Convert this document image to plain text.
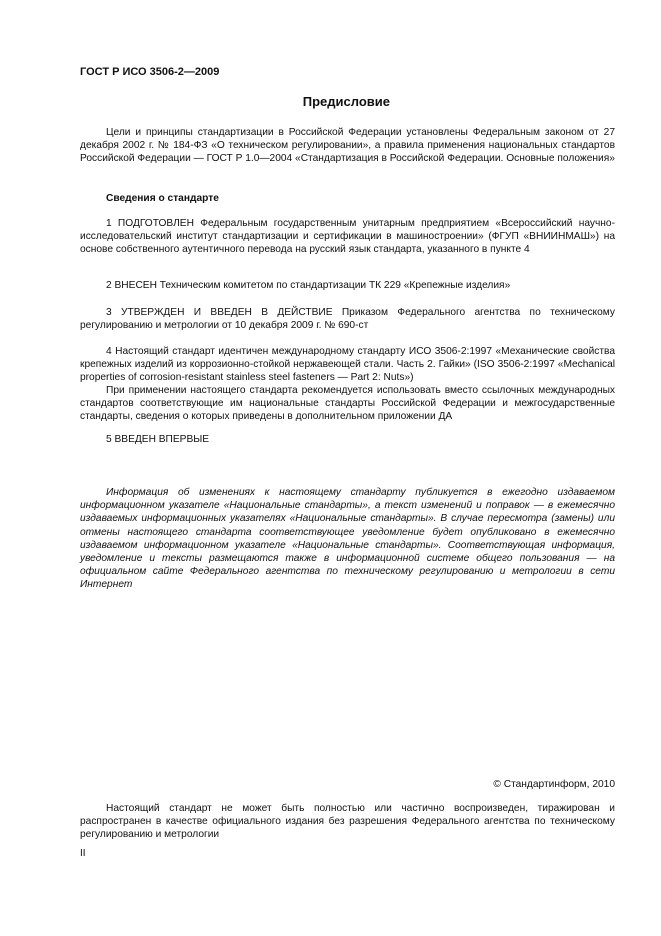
ГОСТ Р ИСО 3506-2—2009
Предисловие
Цели и принципы стандартизации в Российской Федерации установлены Федеральным законом от 27 декабря 2002 г. № 184-ФЗ «О техническом регулировании», а правила применения национальных стандартов Российской Федерации — ГОСТ Р 1.0—2004 «Стандартизация в Российской Федерации. Основные положения»
Сведения о стандарте
1 ПОДГОТОВЛЕН Федеральным государственным унитарным предприятием «Всероссийский научно-исследовательский институт стандартизации и сертификации в машиностроении» (ФГУП «ВНИИНМАШ») на основе собственного аутентичного перевода на русский язык стандарта, указанного в пункте 4
2 ВНЕСЕН Техническим комитетом по стандартизации ТК 229 «Крепежные изделия»
3 УТВЕРЖДЕН И ВВЕДЕН В ДЕЙСТВИЕ Приказом Федерального агентства по техническому регулированию и метрологии от 10 декабря 2009 г. № 690-ст
4 Настоящий стандарт идентичен международному стандарту ИСО 3506-2:1997 «Механические свойства крепежных изделий из коррозионно-стойкой нержавеющей стали. Часть 2. Гайки» (ISO 3506-2:1997 «Mechanical properties of corrosion-resistant stainless steel fasteners — Part 2: Nuts»)
При применении настоящего стандарта рекомендуется использовать вместо ссылочных международных стандартов соответствующие им национальные стандарты Российской Федерации и межгосударственные стандарты, сведения о которых приведены в дополнительном приложении ДА
5 ВВЕДЕН ВПЕРВЫЕ
Информация об изменениях к настоящему стандарту публикуется в ежегодно издаваемом информационном указателе «Национальные стандарты», а текст изменений и поправок — в ежемесячно издаваемых информационных указателях «Национальные стандарты». В случае пересмотра (замены) или отмены настоящего стандарта соответствующее уведомление будет опубликовано в ежемесячно издаваемом информационном указателе «Национальные стандарты». Соответствующая информация, уведомление и тексты размещаются также в информационной системе общего пользования — на официальном сайте Федерального агентства по техническому регулированию и метрологии в сети Интернет
© Стандартинформ, 2010
Настоящий стандарт не может быть полностью или частично воспроизведен, тиражирован и распространен в качестве официального издания без разрешения Федерального агентства по техническому регулированию и метрологии
II
